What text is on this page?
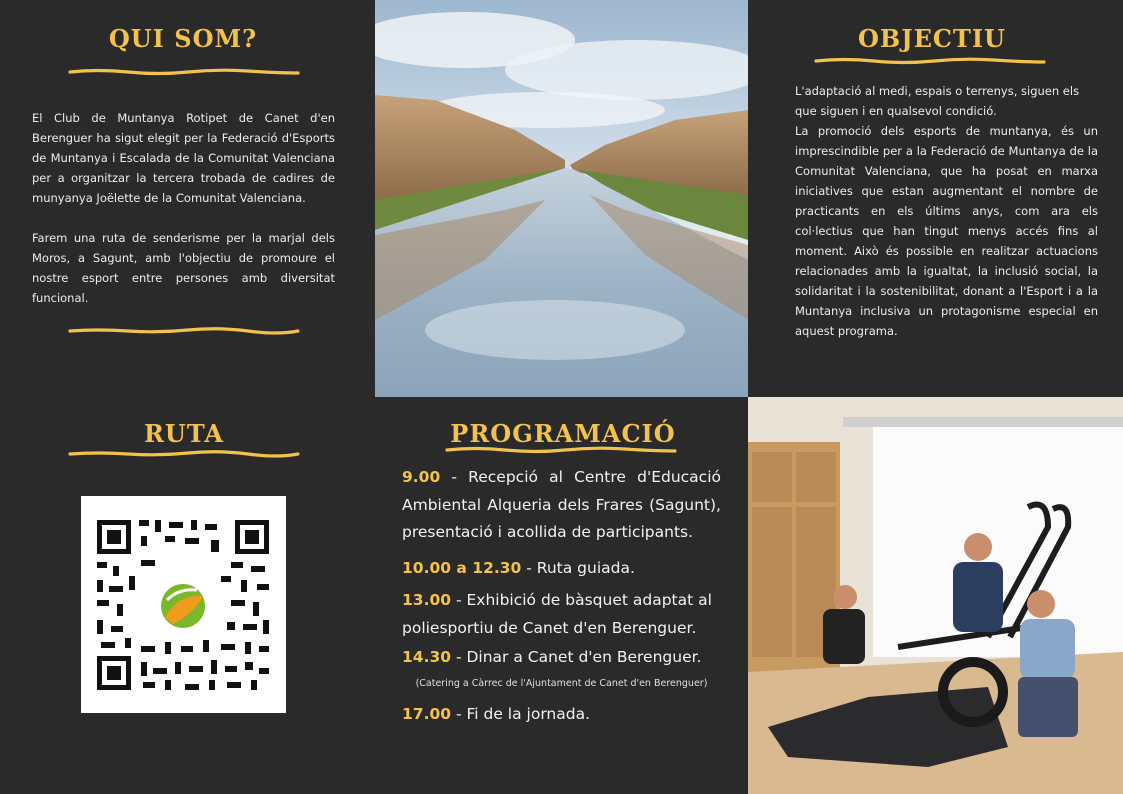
QUI SOM?

El Club de Muntanya Rotipet de Canet d'en Berenguer ha sigut elegit per la Federació d'Esports de Muntanya i Escalada de la Comunitat Valenciana per a organitzar la tercera trobada de cadires de munyanya Joëlette de la Comunitat Valenciana.

Farem una ruta de senderisme per la marjal dels Moros, a Sagunt, amb l'objectiu de promoure el nostre esport entre persones amb diversitat funcional.

OBJECTIU

L'adaptació al medi, espais o terrenys, siguen els que siguen i en qualsevol condició.

La promoció dels esports de muntanya, és un imprescindible per a la Federació de Muntanya de la Comunitat Valenciana, que ha posat en marxa iniciatives que estan augmentant el nombre de practicants en els últims anys, com ara els col·lectius que han tingut menys accés fins al moment. Això és possible en realitzar actuacions relacionades amb la igualtat, la inclusió social, la solidaritat i la sostenibilitat, donant a l'Esport i a la Muntanya inclusiva un protagonisme especial en aquest programa.

RUTA	PROGRAMACIÓ

9.00 - Recepció al Centre d'Educació Ambiental Alqueria dels Frares (Sagunt), presentació i acollida de participants.

10.00 a 12.30 - Ruta guiada.

13.00 - Exhibició de bàsquet adaptat al poliesportiu de Canet d'en Berenguer.

14.30 - Dinar a Canet d'en Berenguer.

(Catering a Càrrec de l'Ajuntament de Canet d'en Berenguer)

17.00 - Fi de la jornada.
